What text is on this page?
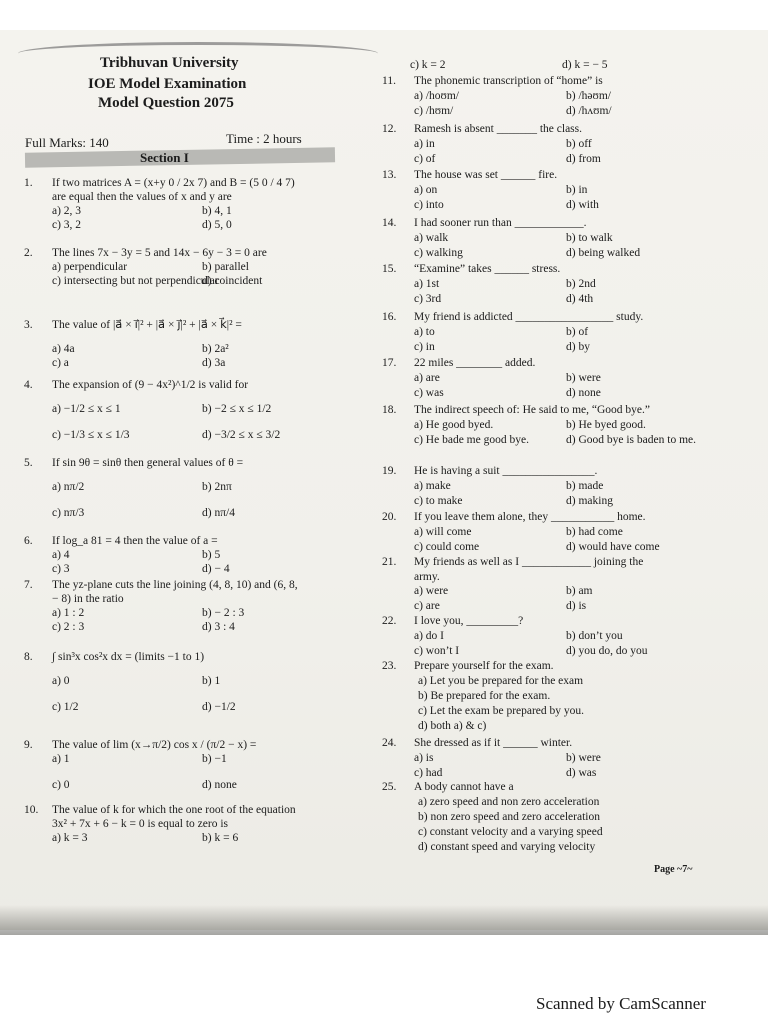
Tribhuvan University
IOE Model Examination
Model Question 2075
Full Marks: 140	Time : 2 hours
Section I
c) k = 2	d) k = − 5
Page ~7~
Scanned by CamScanner
1. If two matrices A = (x+y 0 / 2x 7) and B = (5 0 / 4 7)
are equal then the values of x and y are
a) 2, 3	b) 4, 1
c) 3, 2	d) 5, 0
2. The lines 7x − 3y = 5 and 14x − 6y − 3 = 0 are
a) perpendicular	b) parallel
c) intersecting but not perpendicular
d) coincident
3. The value of |a⃗ × i⃗|² + |a⃗ × j⃗|² + |a⃗ × k⃗|² =
a) 4a	b) 2a²
c) a	d) 3a
4. The expansion of (9 − 4x²)^1/2 is valid for
a) −1/2 ≤ x ≤ 1	b) −2 ≤ x ≤ 1/2
c) −1/3 ≤ x ≤ 1/3	d) −3/2 ≤ x ≤ 3/2
5. If sin 9θ = sinθ then general values of θ =
a) nπ/2	b) 2nπ
c) nπ/3	d) nπ/4
6. If log_a 81 = 4 then the value of a =
a) 4	b) 5
c) 3	d) − 4
7. The yz-plane cuts the line joining (4, 8, 10) and (6, 8,
− 8) in the ratio
a) 1 : 2	b) − 2 : 3
c) 2 : 3	d) 3 : 4
8. ∫ sin³x cos²x dx = (limits −1 to 1)
a) 0	b) 1
c) 1/2	d) −1/2
9. The value of lim (x→π/2) cos x / (π/2 − x) =
a) 1	b) −1
c) 0	d) none
10. The value of k for which the one root of the equation
3x² + 7x + 6 − k = 0 is equal to zero is
a) k = 3	b) k = 6
11. The phonemic transcription of “home” is
a) /hoʊm/	b) /həʊm/
c) /hʊm/	d) /hʌʊm/
12. Ramesh is absent _______ the class.
a) in	b) off
c) of	d) from
13. The house was set ______ fire.
a) on	b) in
c) into	d) with
14. I had sooner run than ____________.
a) walk	b) to walk
c) walking	d) being walked
15. “Examine” takes ______ stress.
a) 1st	b) 2nd
c) 3rd	d) 4th
16. My friend is addicted _________________ study.
a) to	b) of
c) in	d) by
17. 22 miles ________ added.
a) are	b) were
c) was	d) none
18. The indirect speech of: He said to me, “Good bye.”
a) He good byed.	b) He byed good.
c) He bade me good bye.	d) Good bye is baden to me.
19. He is having a suit ________________.
a) make	b) made
c) to make	d) making
20. If you leave them alone, they ___________ home.
a) will come	b) had come
c) could come	d) would have come
21. My friends as well as I ____________ joining the
army.
a) were	b) am
c) are	d) is
22. I love you, _________?
a) do I	b) don’t you
c) won’t I	d) you do, do you
23. Prepare yourself for the exam.
a) Let you be prepared for the exam
b) Be prepared for the exam.
c) Let the exam be prepared by you.
d) both a) & c)
24. She dressed as if it ______ winter.
a) is	b) were
c) had	d) was
25. A body cannot have a
a) zero speed and non zero acceleration
b) non zero speed and zero acceleration
c) constant velocity and a varying speed
d) constant speed and varying velocity
